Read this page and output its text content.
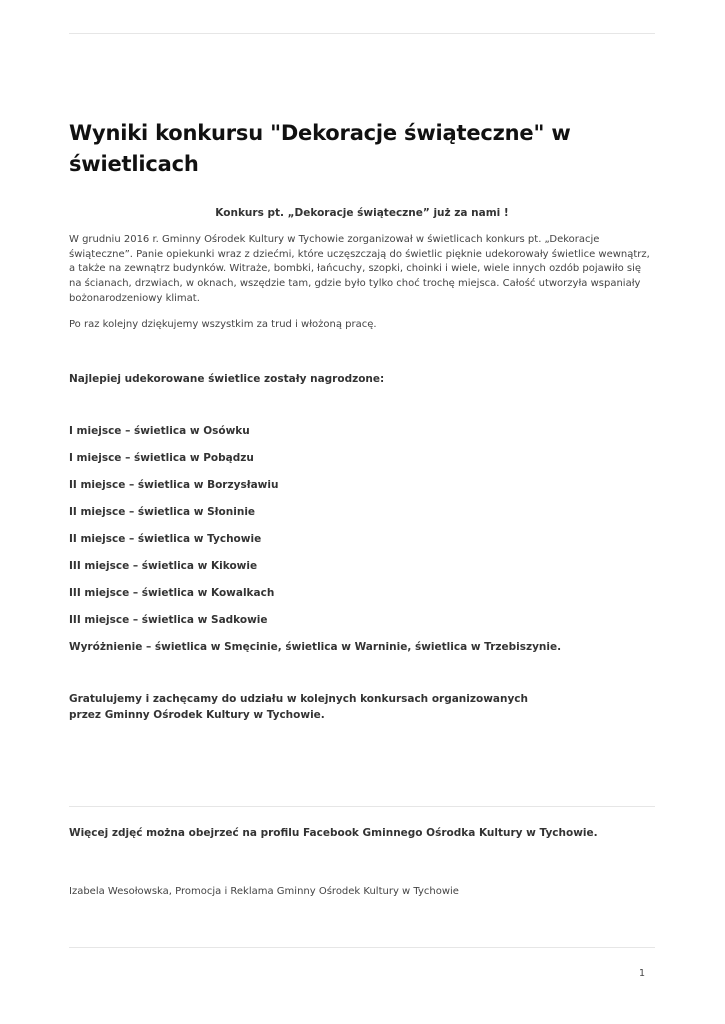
Wyniki konkursu "Dekoracje świąteczne" w świetlicach
Konkurs pt. „Dekoracje świąteczne” już za nami !

W grudniu 2016 r. Gminny Ośrodek Kultury w Tychowie zorganizował w świetlicach konkurs pt. „Dekoracje świąteczne”. Panie opiekunki wraz z dziećmi, które uczęszczają do świetlic pięknie udekorowały świetlice wewnątrz, a także na zewnątrz budynków. Witraże, bombki, łańcuchy, szopki, choinki i wiele, wiele innych ozdób pojawiło się na ścianach, drzwiach, w oknach, wszędzie tam, gdzie było tylko choć trochę miejsca. Całość utworzyła wspaniały bożonarodzeniowy klimat.

Po raz kolejny dziękujemy wszystkim za trud i włożoną pracę.

Najlepiej udekorowane świetlice zostały nagrodzone:

I miejsce – świetlica w Osówku
I miejsce – świetlica w Pobądzu
II miejsce – świetlica w Borzysławiu
II miejsce – świetlica w Słoninie
II miejsce – świetlica w Tychowie
III miejsce – świetlica w Kikowie
III miejsce – świetlica w Kowalkach
III miejsce – świetlica w Sadkowie
Wyróżnienie – świetlica w Smęcinie, świetlica w Warninie, świetlica w Trzebiszynie.
Gratulujemy i zachęcamy do udziału w kolejnych konkursach organizowanych
przez Gminny Ośrodek Kultury w Tychowie.

Więcej zdjęć można obejrzeć na profilu Facebook Gminnego Ośrodka Kultury w Tychowie.

Izabela Wesołowska, Promocja i Reklama Gminny Ośrodek Kultury w Tychowie

1
